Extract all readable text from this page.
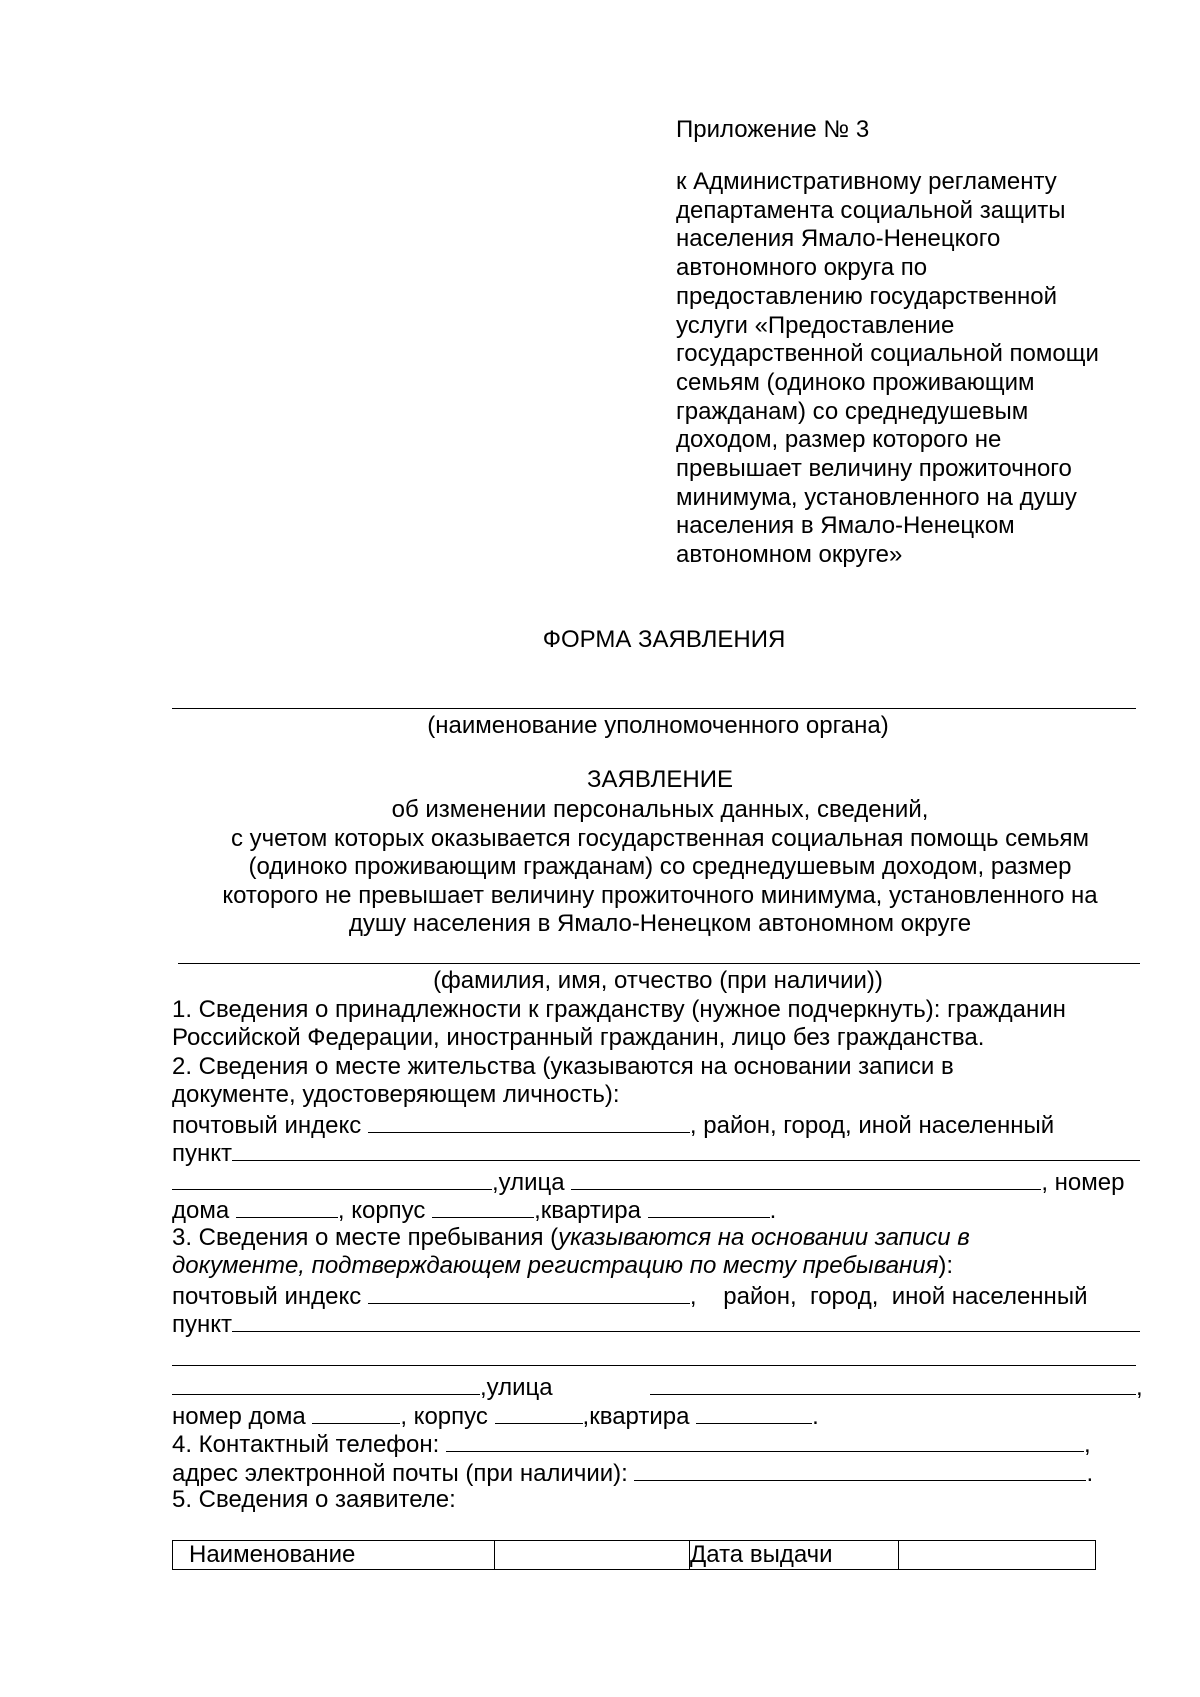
Приложение № 3
к Административному регламенту
департамента социальной защиты
населения Ямало-Ненецкого
автономного округа по
предоставлению государственной
услуги «Предоставление
государственной социальной помощи
семьям (одиноко проживающим
гражданам) со среднедушевым
доходом, размер которого не
превышает величину прожиточного
минимума, установленного на душу
населения в Ямало-Ненецком
автономном округе»
ФОРМА ЗАЯВЛЕНИЯ
(наименование уполномоченного органа)
ЗАЯВЛЕНИЕ
об изменении персональных данных, сведений,
с учетом которых оказывается государственная социальная помощь семьям
(одиноко проживающим гражданам) со среднедушевым доходом, размер
которого не превышает величину прожиточного минимума, установленного на
душу населения в Ямало-Ненецком автономном округе
(фамилия, имя, отчество (при наличии))
1. Сведения о принадлежности к гражданству (нужное подчеркнуть): гражданин
Российской Федерации, иностранный гражданин, лицо без гражданства.
2. Сведения о месте жительства (указываются на основании записи в
документе, удостоверяющем личность):
почтовый индекс	, район, город, иной населенный
пункт
,улица	, номер
дома	, корпус	,квартира	.
3. Сведения о месте пребывания (указываются на основании записи в
документе, подтверждающем регистрацию по месту пребывания):
почтовый индекс	,    район,  город,  иной населенный
пункт
,улица	,
номер дома	, корпус	,квартира	.
4. Контактный телефон:	,
адрес электронной почты (при наличии):	.
5. Сведения о заявителе:
Наименование		Дата выдачи	
